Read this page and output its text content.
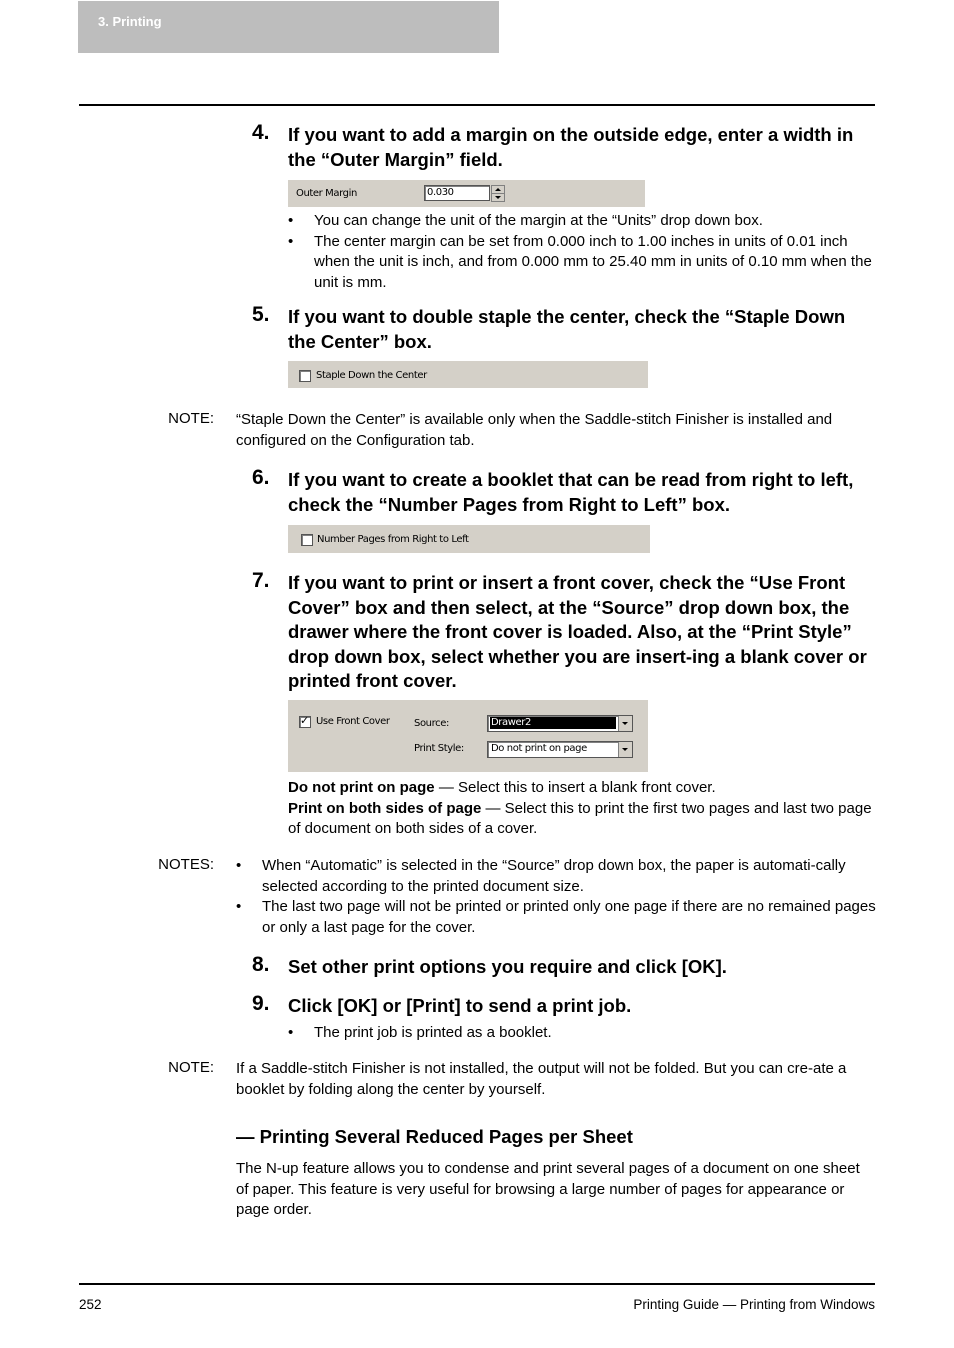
3. Printing
4. If you want to add a margin on the outside edge, enter a width in the “Outer Margin” field.
Outer Margin	0.030
• You can change the unit of the margin at the “Units” drop down box.
• The center margin can be set from 0.000 inch to 1.00 inches in units of 0.01 inch when the unit is inch, and from 0.000 mm to 25.40 mm in units of 0.10 mm when the unit is mm.
5. If you want to double staple the center, check the “Staple Down the Center” box.
Staple Down the Center
NOTE: “Staple Down the Center” is available only when the Saddle-stitch Finisher is installed and configured on the Configuration tab.
6. If you want to create a booklet that can be read from right to left, check the “Number Pages from Right to Left” box.
Number Pages from Right to Left
7. If you want to print or insert a front cover, check the “Use Front Cover” box and then select, at the “Source” drop down box, the drawer where the front cover is loaded. Also, at the “Print Style” drop down box, select whether you are insert-ing a blank cover or printed front cover.
✓ Use Front Cover Source:	Drawer2
Print Style:	Do not print on page
Do not print on page — Select this to insert a blank front cover.
Print on both sides of page — Select this to print the first two pages and last two page of document on both sides of a cover.
NOTES: • When “Automatic” is selected in the “Source” drop down box, the paper is automati-cally selected according to the printed document size.
• The last two page will not be printed or printed only one page if there are no remained pages or only a last page for the cover.
8. Set other print options you require and click [OK].
9. Click [OK] or [Print] to send a print job.
• The print job is printed as a booklet.
NOTE: If a Saddle-stitch Finisher is not installed, the output will not be folded. But you can cre-ate a booklet by folding along the center by yourself.
— Printing Several Reduced Pages per Sheet
The N-up feature allows you to condense and print several pages of a document on one sheet of paper. This feature is very useful for browsing a large number of pages for appearance or page order.
252	Printing Guide — Printing from Windows
